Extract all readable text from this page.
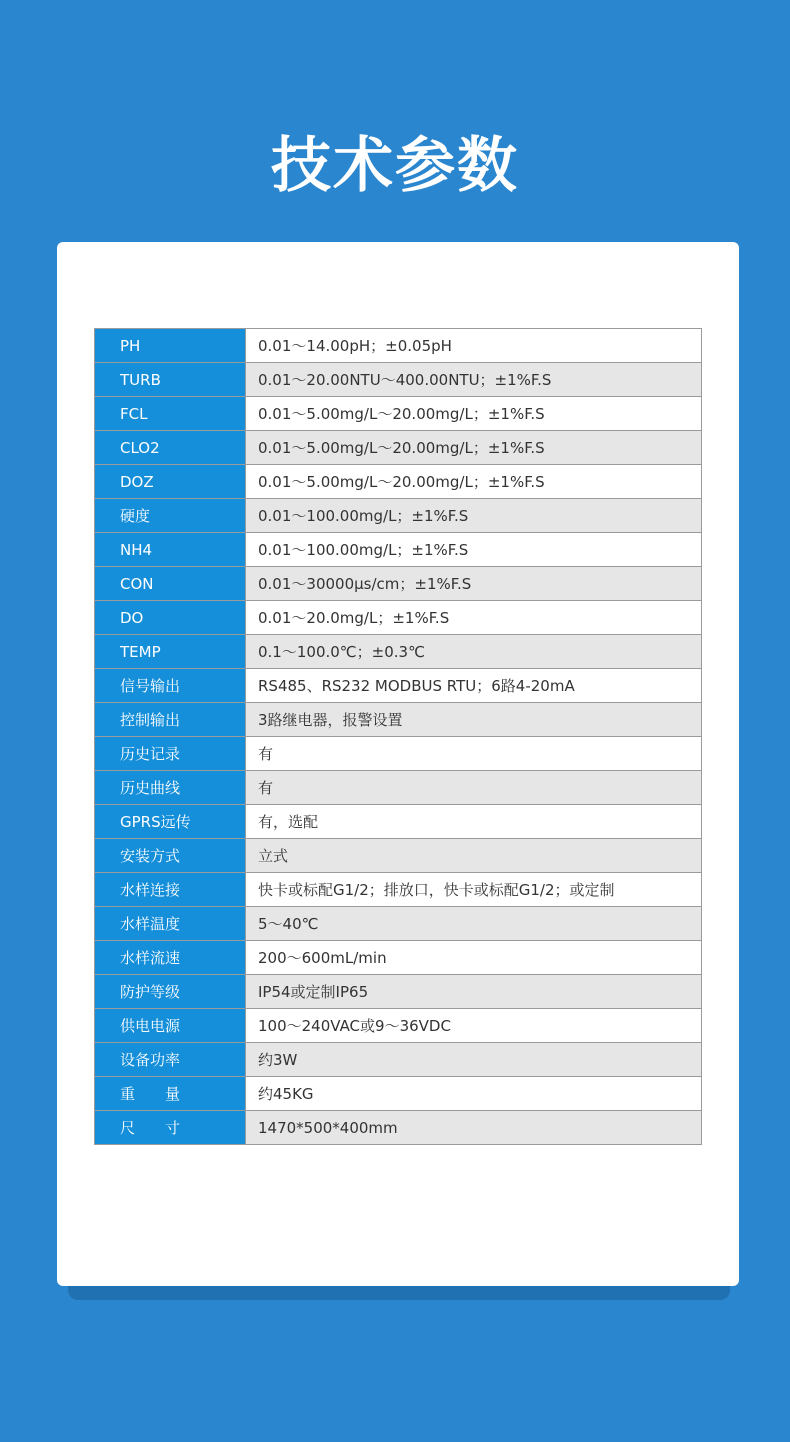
技术参数
PH	0.01～14.00pH；±0.05pH
TURB	0.01～20.00NTU～400.00NTU；±1%F.S
FCL	0.01～5.00mg/L～20.00mg/L；±1%F.S
CLO2	0.01～5.00mg/L～20.00mg/L；±1%F.S
DOZ	0.01～5.00mg/L～20.00mg/L；±1%F.S
硬度	0.01～100.00mg/L；±1%F.S
NH4	0.01～100.00mg/L；±1%F.S
CON	0.01～30000μs/cm；±1%F.S
DO	0.01～20.0mg/L；±1%F.S
TEMP	0.1～100.0℃；±0.3℃
信号输出	RS485、RS232 MODBUS RTU；6路4-20mA
控制输出	3路继电器，报警设置
历史记录	有
历史曲线	有
GPRS远传	有，选配
安装方式	立式
水样连接	快卡或标配G1/2；排放口，快卡或标配G1/2；或定制
水样温度	5～40℃
水样流速	200～600mL/min
防护等级	IP54或定制IP65
供电电源	100～240VAC或9～36VDC
设备功率	约3W
重　　量	约45KG
尺　　寸	1470*500*400mm
